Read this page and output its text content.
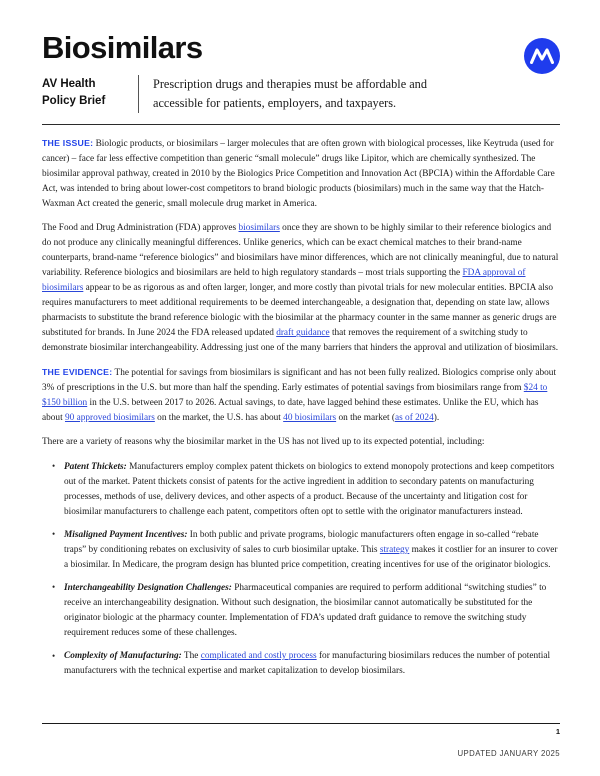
Biosimilars
AV Health
Policy Brief
Prescription drugs and therapies must be affordable and
accessible for patients, employers, and taxpayers.

THE ISSUE: Biologic products, or biosimilars – larger molecules that are often grown with biological processes, like Keytruda (used for cancer) – face far less effective competition than generic “small molecule” drugs like Lipitor, which are chemically synthesized. The biosimilar approval pathway, created in 2010 by the Biologics Price Competition and Innovation Act (BPCIA) within the Affordable Care Act, was intended to bring about lower-cost competitors to brand biologic products (biosimilars) much in the same way that the Hatch-Waxman Act created the generic, small molecule drug market in America.

The Food and Drug Administration (FDA) approves biosimilars once they are shown to be highly similar to their reference biologics and do not produce any clinically meaningful differences. Unlike generics, which can be exact chemical matches to their brand-name counterparts, brand-name “reference biologics” and biosimilars have minor differences, which are not clinically meaningful, due to natural variability. Reference biologics and biosimilars are held to high regulatory standards – most trials supporting the FDA approval of biosimilars appear to be as rigorous as and often larger, longer, and more costly than pivotal trials for new molecular entities. BPCIA also requires manufacturers to meet additional requirements to be deemed interchangeable, a designation that, depending on state law, allows pharmacists to substitute the brand reference biologic with the biosimilar at the pharmacy counter in the same manner as generic drugs are substituted for brands. In June 2024 the FDA released updated draft guidance that removes the requirement of a switching study to demonstrate biosimilar interchangeability. Addressing just one of the many barriers that hinders the approval and utilization of biosimilars.

THE EVIDENCE: The potential for savings from biosimilars is significant and has not been fully realized. Biologics comprise only about 3% of prescriptions in the U.S. but more than half the spending. Early estimates of potential savings from biosimilars range from $24 to $150 billion in the U.S. between 2017 to 2026. Actual savings, to date, have lagged behind these estimates. Unlike the EU, which has about 90 approved biosimilars on the market, the U.S. has about 40 biosimilars on the market (as of 2024).

There are a variety of reasons why the biosimilar market in the US has not lived up to its expected potential, including:

• Patent Thickets: Manufacturers employ complex patent thickets on biologics to extend monopoly protections and keep competitors out of the market. Patent thickets consist of patents for the active ingredient in addition to secondary patents on manufacturing processes, methods of use, delivery devices, and other aspects of a product. Because of the uncertainty and litigation cost for biosimilar manufacturers to challenge each patent, competitors often opt to settle with the originator manufacturers instead.
• Misaligned Payment Incentives: In both public and private programs, biologic manufacturers often engage in so-called “rebate traps” by conditioning rebates on exclusivity of sales to curb biosimilar uptake. This strategy makes it costlier for an insurer to cover a biosimilar. In Medicare, the program design has blunted price competition, creating incentives for use of the originator biologics.
• Interchangeability Designation Challenges: Pharmaceutical companies are required to perform additional “switching studies” to receive an interchangeability designation. Without such designation, the biosimilar cannot automatically be substituted for the originator biologic at the pharmacy counter. Implementation of FDA’s updated draft guidance to remove the switching study requirement reduces some of these challenges.
• Complexity of Manufacturing: The complicated and costly process for manufacturing biosimilars reduces the number of potential manufacturers with the technical expertise and market capitalization to develop biosimilars.
1
UPDATED JANUARY 2025
